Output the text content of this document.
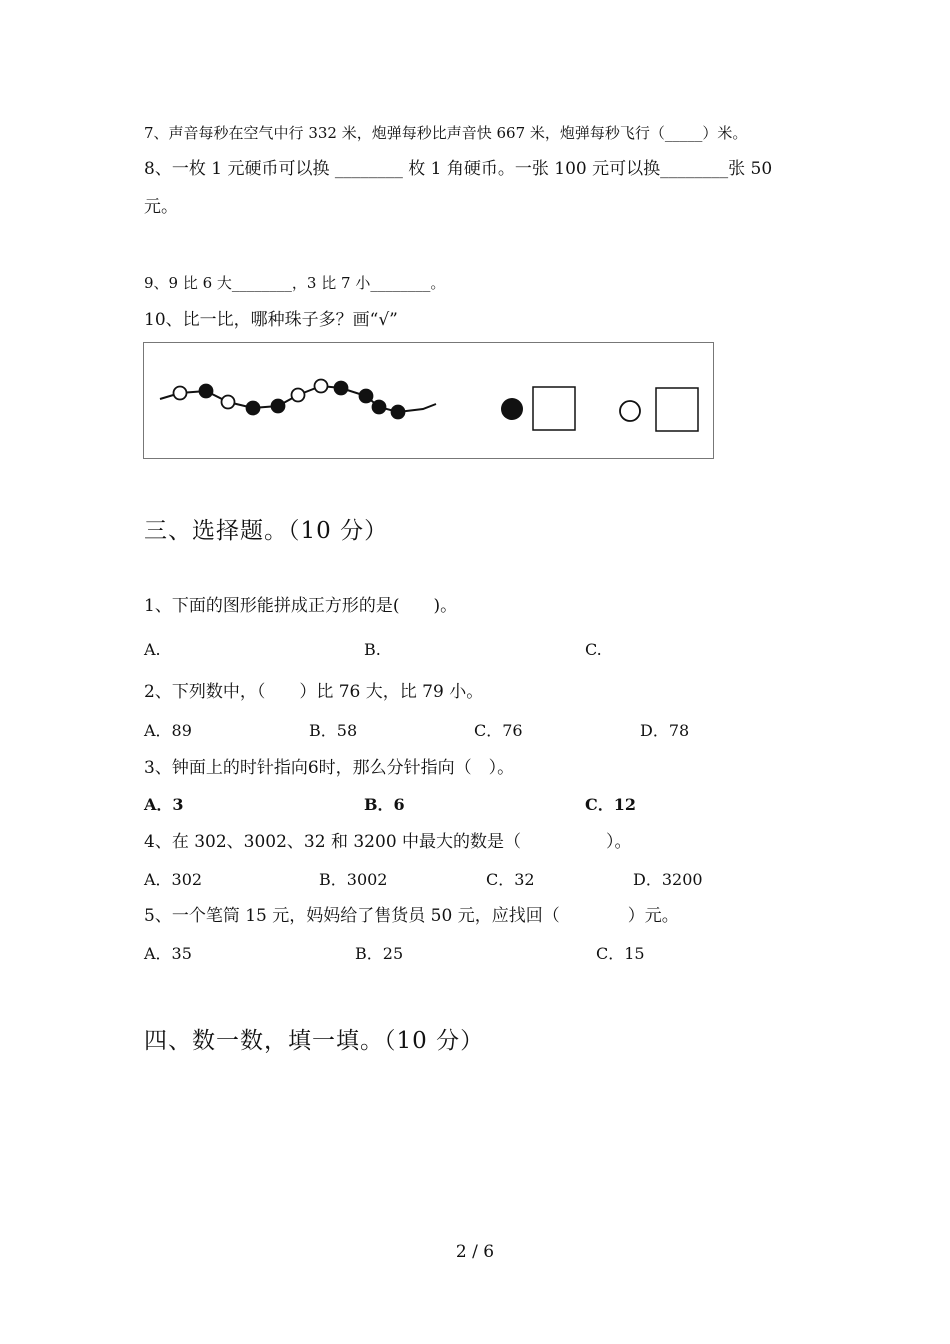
7、声音每秒在空气中行 332 米，炮弹每秒比声音快 667 米，炮弹每秒飞行（_____）米。
8、一枚 1 元硬币可以换 ________ 枚 1 角硬币。一张 100 元可以换________张 50
元。
9、9 比 6 大________，3 比 7 小________。
10、比一比，哪种珠子多？画“√”
三、选择题。（10 分）
1、下面的图形能拼成正方形的是(　　)。
A.	B.	C.
2、下列数中，（　　）比 76 大，比 79 小。
A．89	B．58	C．76	D．78
3、钟面上的时针指向6时，那么分针指向（　）。
A．3	B．6	C．12
4、在 302、3002、32 和 3200 中最大的数是（　　　　　）。
A．302	B．3002	C．32	D．3200
5、一个笔筒 15 元，妈妈给了售货员 50 元，应找回（　　　　）元。
A．35	B．25	C．15
四、数一数，填一填。（10 分）
2 / 6
